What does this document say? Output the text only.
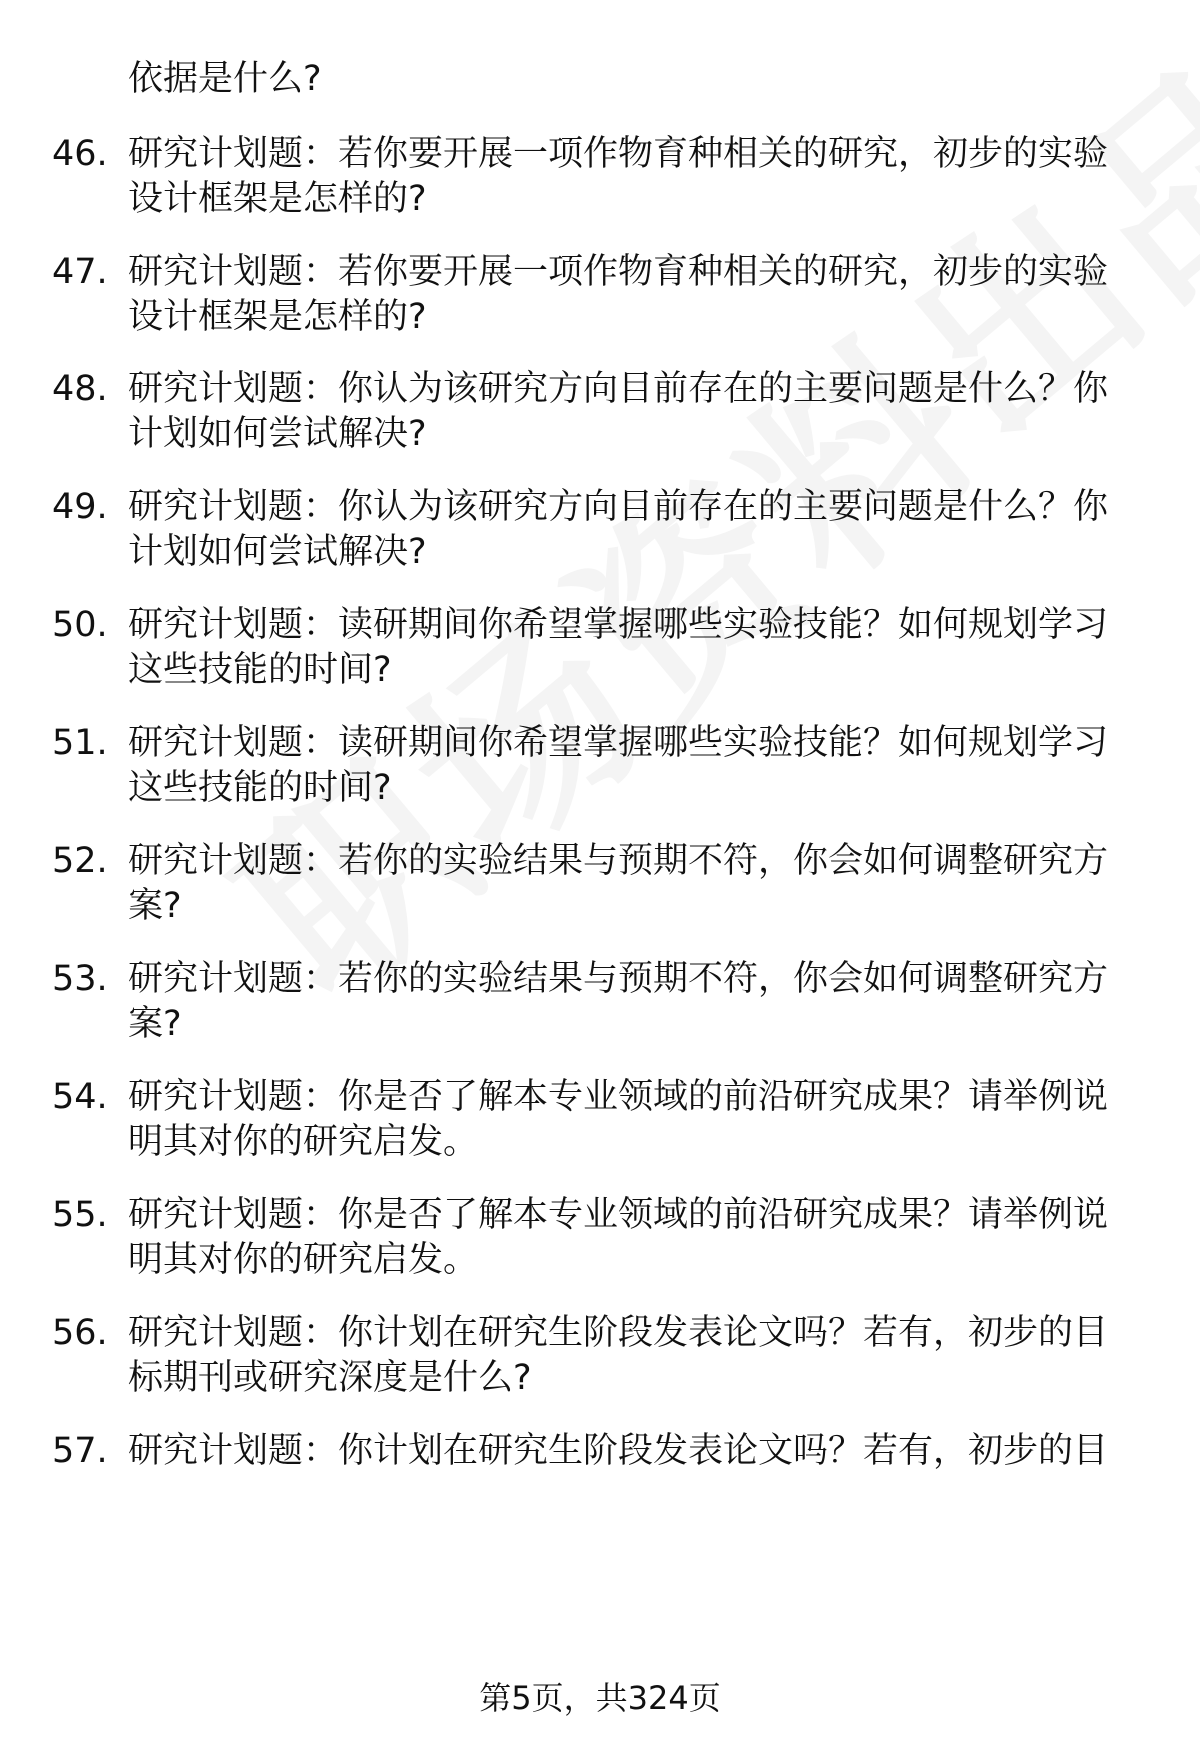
依据是什么?
46. 研究计划题：若你要开展一项作物育种相关的研究，初步的实验
设计框架是怎样的?
47. 研究计划题：若你要开展一项作物育种相关的研究，初步的实验
设计框架是怎样的?
48. 研究计划题：你认为该研究方向目前存在的主要问题是什么？你
计划如何尝试解决?
49. 研究计划题：你认为该研究方向目前存在的主要问题是什么？你
计划如何尝试解决?
50. 研究计划题：读研期间你希望掌握哪些实验技能？如何规划学习
这些技能的时间?
51. 研究计划题：读研期间你希望掌握哪些实验技能？如何规划学习
这些技能的时间?
52. 研究计划题：若你的实验结果与预期不符，你会如何调整研究方
案?
53. 研究计划题：若你的实验结果与预期不符，你会如何调整研究方
案?
54. 研究计划题：你是否了解本专业领域的前沿研究成果？请举例说
明其对你的研究启发。
55. 研究计划题：你是否了解本专业领域的前沿研究成果？请举例说
明其对你的研究启发。
56. 研究计划题：你计划在研究生阶段发表论文吗？若有，初步的目
标期刊或研究深度是什么?
57. 研究计划题：你计划在研究生阶段发表论文吗？若有，初步的目
第5页，共324页
